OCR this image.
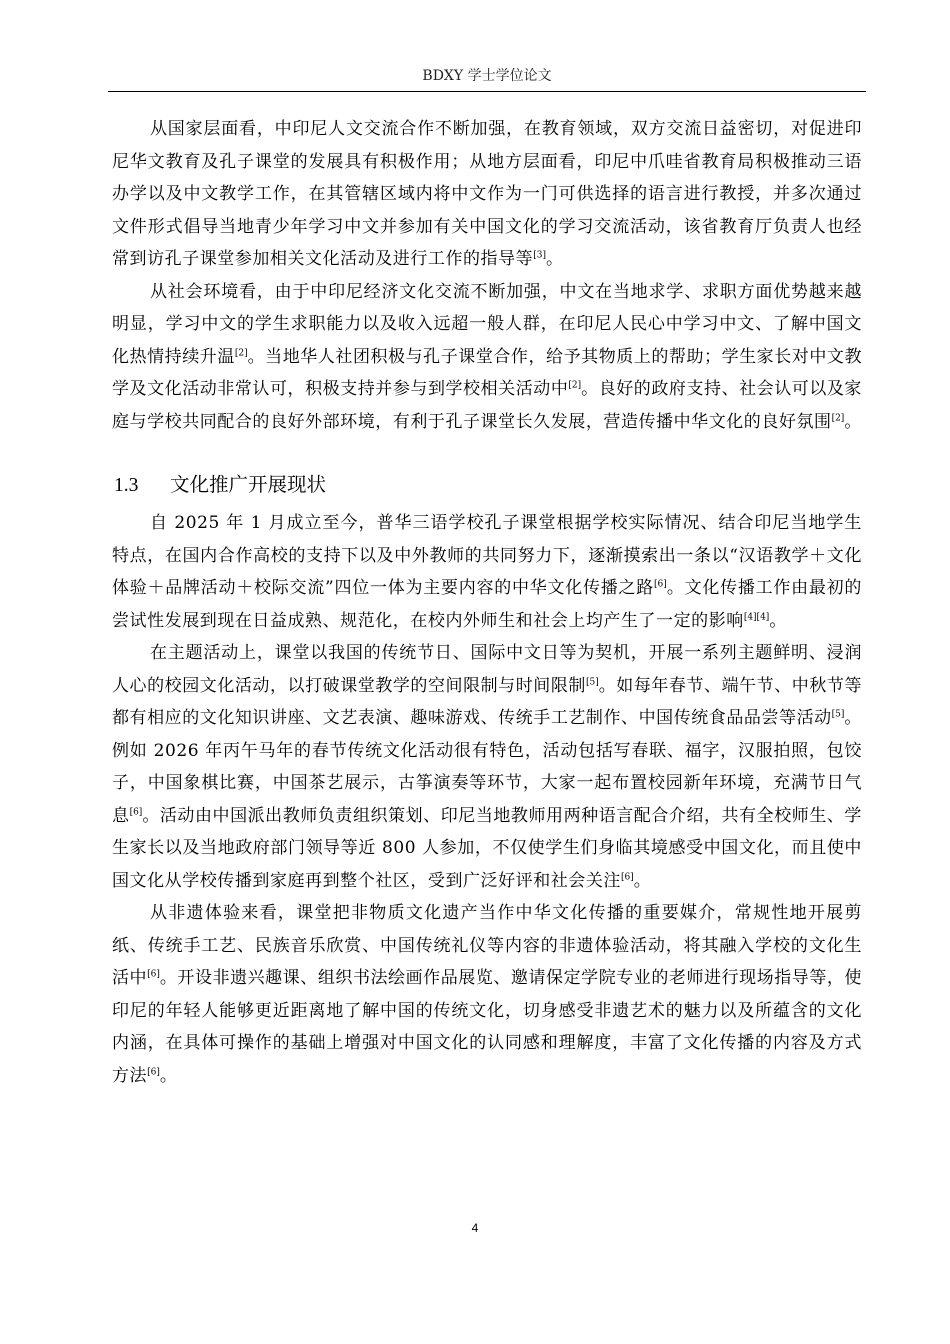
BDXY 学士学位论文

从国家层面看，中印尼人文交流合作不断加强，在教育领域，双方交流日益密切，对促进印尼华文教育及孔子课堂的发展具有积极作用；从地方层面看，印尼中爪哇省教育局积极推动三语办学以及中文教学工作，在其管辖区域内将中文作为一门可供选择的语言进行教授，并多次通过文件形式倡导当地青少年学习中文并参加有关中国文化的学习交流活动，该省教育厅负责人也经常到访孔子课堂参加相关文化活动及进行工作的指导等[3]。

从社会环境看，由于中印尼经济文化交流不断加强，中文在当地求学、求职方面优势越来越明显，学习中文的学生求职能力以及收入远超一般人群，在印尼人民心中学习中文、了解中国文化热情持续升温[2]。当地华人社团积极与孔子课堂合作，给予其物质上的帮助；学生家长对中文教学及文化活动非常认可，积极支持并参与到学校相关活动中[2]。良好的政府支持、社会认可以及家庭与学校共同配合的良好外部环境，有利于孔子课堂长久发展，营造传播中华文化的良好氛围[2]。

1.3 文化推广开展现状

自 2025 年 1 月成立至今，普华三语学校孔子课堂根据学校实际情况、结合印尼当地学生特点，在国内合作高校的支持下以及中外教师的共同努力下，逐渐摸索出一条以“汉语教学＋文化体验＋品牌活动＋校际交流”四位一体为主要内容的中华文化传播之路[6]。文化传播工作由最初的尝试性发展到现在日益成熟、规范化，在校内外师生和社会上均产生了一定的影响[4][4]。

在主题活动上，课堂以我国的传统节日、国际中文日等为契机，开展一系列主题鲜明、浸润人心的校园文化活动，以打破课堂教学的空间限制与时间限制[5]。如每年春节、端午节、中秋节等都有相应的文化知识讲座、文艺表演、趣味游戏、传统手工艺制作、中国传统食品品尝等活动[5]。例如 2026 年丙午马年的春节传统文化活动很有特色，活动包括写春联、福字，汉服拍照，包饺子，中国象棋比赛，中国茶艺展示，古筝演奏等环节，大家一起布置校园新年环境，充满节日气息[6]。活动由中国派出教师负责组织策划、印尼当地教师用两种语言配合介绍，共有全校师生、学生家长以及当地政府部门领导等近 800 人参加，不仅使学生们身临其境感受中国文化，而且使中国文化从学校传播到家庭再到整个社区，受到广泛好评和社会关注[6]。

从非遗体验来看，课堂把非物质文化遗产当作中华文化传播的重要媒介，常规性地开展剪纸、传统手工艺、民族音乐欣赏、中国传统礼仪等内容的非遗体验活动，将其融入学校的文化生活中[6]。开设非遗兴趣课、组织书法绘画作品展览、邀请保定学院专业的老师进行现场指导等，使印尼的年轻人能够更近距离地了解中国的传统文化，切身感受非遗艺术的魅力以及所蕴含的文化内涵，在具体可操作的基础上增强对中国文化的认同感和理解度，丰富了文化传播的内容及方式方法[6]。

4
